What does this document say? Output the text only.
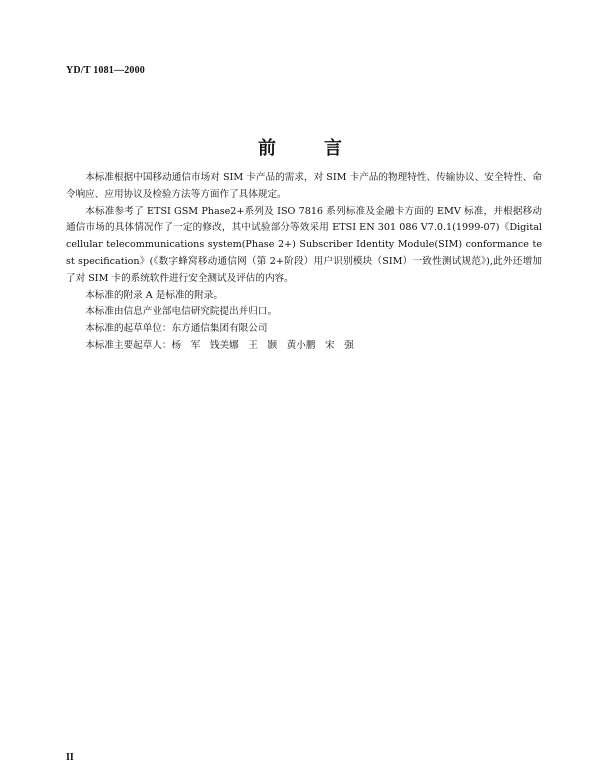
YD/T 1081—2000
前言

本标准根据中国移动通信市场对 SIM 卡产品的需求，对 SIM 卡产品的物理特性、传输协议、安全特性、命令响应、应用协议及检验方法等方面作了具体规定。

本标准参考了 ETSI GSM Phase2+系列及 ISO 7816 系列标准及金融卡方面的 EMV 标准，并根据移动通信市场的具体情况作了一定的修改，其中试验部分等效采用 ETSI EN 301 086 V7.0.1(1999-07)《Digital cellular telecommunications system(Phase 2+) Subscriber Identity Module(SIM) conformance test specification》(《数字蜂窝移动通信网（第 2+阶段）用户识别模块（SIM）一致性测试规范》),此外还增加了对 SIM 卡的系统软件进行安全测试及评估的内容。

本标准的附录 A 是标准的附录。

本标准由信息产业部电信研究院提出并归口。

本标准的起草单位：东方通信集团有限公司

本标准主要起草人：杨　军　钱美娜　王　颢　黄小鹏　宋　强

II
